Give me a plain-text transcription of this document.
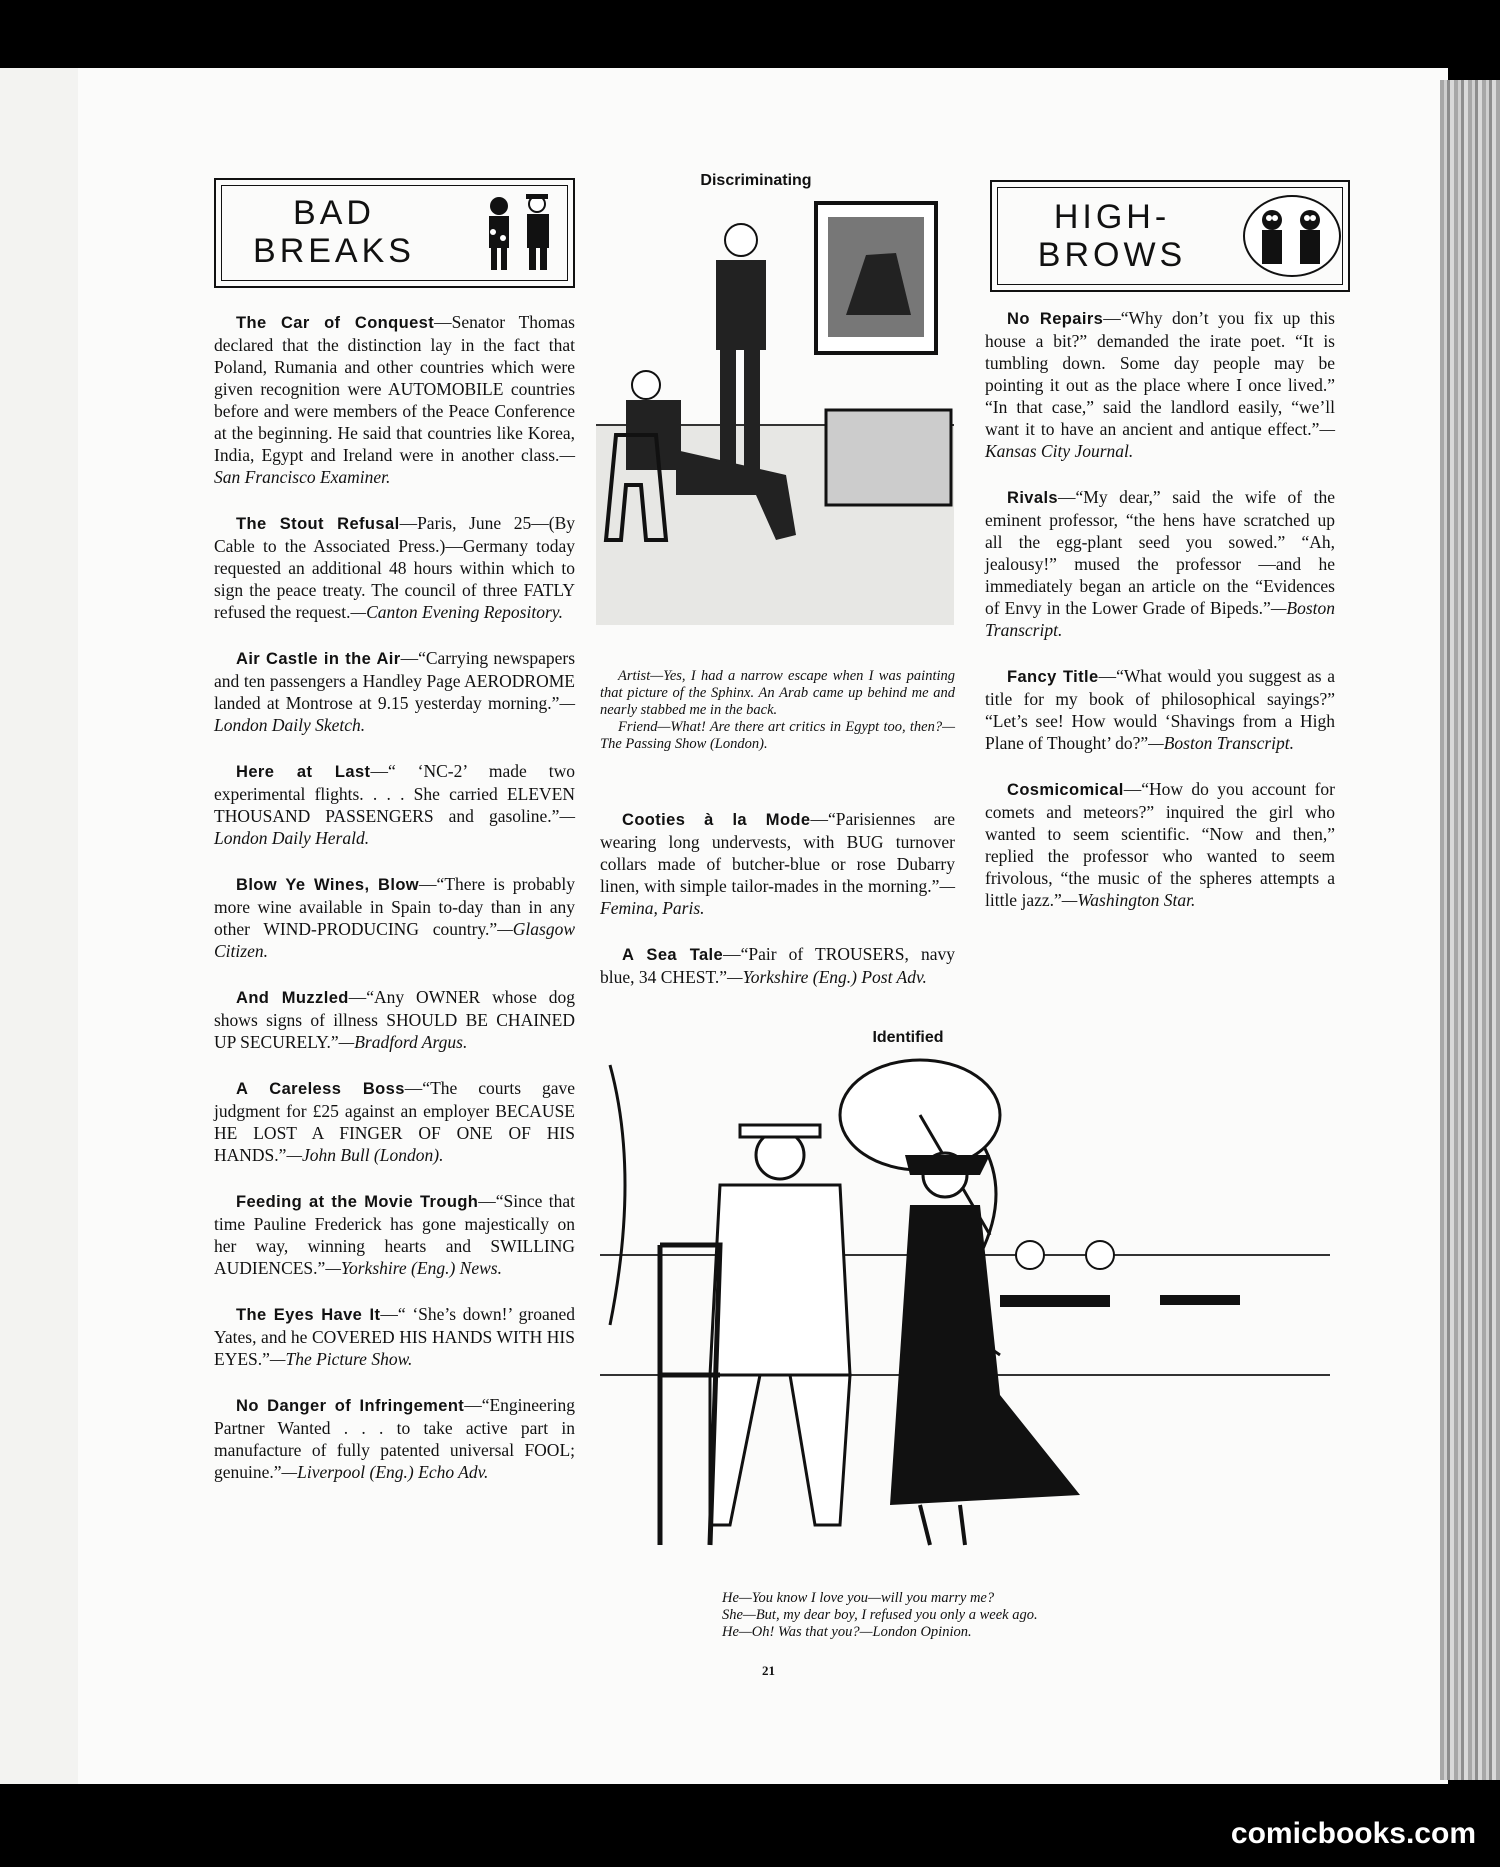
BAD
BREAKS

The Car of Conquest—Senator Thomas declared that the distinction lay in the fact that Poland, Rumania and other countries which were given recognition were AUTOMOBILE countries before and were members of the Peace Conference at the beginning. He said that countries like Korea, India, Egypt and Ireland were in another class.—San Francisco Examiner.

The Stout Refusal—Paris, June 25—(By Cable to the Associated Press.)—Germany today requested an additional 48 hours within which to sign the peace treaty. The council of three FATLY refused the request.—Canton Evening Repository.

Air Castle in the Air—“Carrying newspapers and ten passengers a Handley Page AERODROME landed at Montrose at 9.15 yesterday morning.”—London Daily Sketch.

Here at Last—“ ‘NC-2’ made two experimental flights. . . . She carried ELEVEN THOUSAND PASSENGERS and gasoline.”—London Daily Herald.

Blow Ye Wines, Blow—“There is probably more wine available in Spain to-day than in any other WIND-PRODUCING country.”—Glasgow Citizen.

And Muzzled—“Any OWNER whose dog shows signs of illness SHOULD BE CHAINED UP SECURELY.”—Bradford Argus.

A Careless Boss—“The courts gave judgment for £25 against an employer BECAUSE HE LOST A FINGER OF ONE OF HIS HANDS.”—John Bull (London).

Feeding at the Movie Trough—“Since that time Pauline Frederick has gone majestically on her way, winning hearts and SWILLING AUDIENCES.”—Yorkshire (Eng.) News.

The Eyes Have It—“ ‘She’s down!’ groaned Yates, and he COVERED HIS HANDS WITH HIS EYES.”—The Picture Show.

No Danger of Infringement—“Engineering Partner Wanted . . . to take active part in manufacture of fully patented universal FOOL; genuine.”—Liverpool (Eng.) Echo Adv.

Discriminating

Artist—Yes, I had a narrow escape when I was painting that picture of the Sphinx. An Arab came up behind me and nearly stabbed me in the back.

Friend—What! Are there art critics in Egypt too, then?—The Passing Show (London).

Cooties à la Mode—“Parisiennes are wearing long undervests, with BUG turnover collars made of butcher-blue or rose Dubarry linen, with simple tailor-mades in the morning.”—Femina, Paris.

A Sea Tale—“Pair of TROUSERS, navy blue, 34 CHEST.”—Yorkshire (Eng.) Post Adv.

HIGH-
BROWS

No Repairs—“Why don’t you fix up this house a bit?” demanded the irate poet. “It is tumbling down. Some day people may be pointing it out as the place where I once lived.” “In that case,” said the landlord easily, “we’ll want it to have an ancient and antique effect.”—Kansas City Journal.

Rivals—“My dear,” said the wife of the eminent professor, “the hens have scratched up all the egg-plant seed you sowed.” “Ah, jealousy!” mused the professor —and he immediately began an article on the “Evidences of Envy in the Lower Grade of Bipeds.”—Boston Transcript.

Fancy Title—“What would you suggest as a title for my book of philosophical sayings?” “Let’s see! How would ‘Shavings from a High Plane of Thought’ do?”—Boston Transcript.

Cosmicomical—“How do you account for comets and meteors?” inquired the girl who wanted to seem scientific. “Now and then,” replied the professor who wanted to seem frivolous, “the music of the spheres attempts a little jazz.”—Washington Star.

Identified

He—You know I love you—will you marry me?

She—But, my dear boy, I refused you only a week ago.

He—Oh! Was that you?—London Opinion.

21
comicbooks.com
